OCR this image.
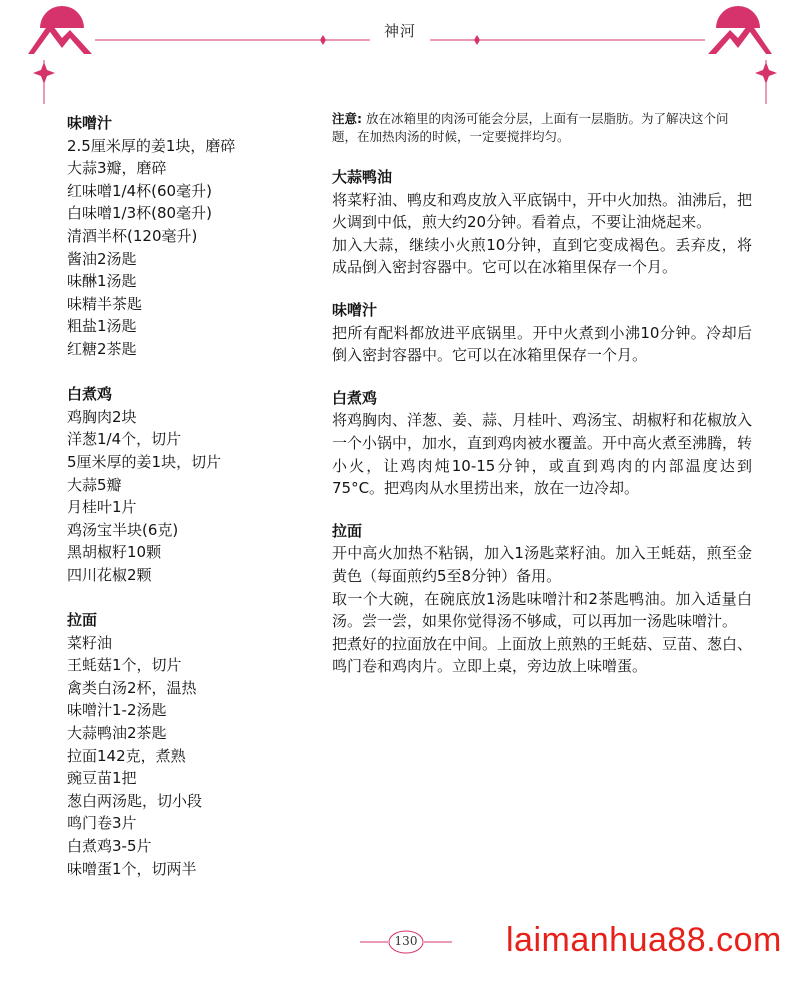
神河

味噌汁

2.5厘米厚的姜1块，磨碎

大蒜3瓣，磨碎

红味噌1/4杯(60毫升)

白味噌1/3杯(80毫升)

清酒半杯(120毫升)

酱油2汤匙

味醂1汤匙

味精半茶匙

粗盐1汤匙

红糖2茶匙

白煮鸡

鸡胸肉2块

洋葱1/4个，切片

5厘米厚的姜1块，切片

大蒜5瓣

月桂叶1片

鸡汤宝半块(6克)

黑胡椒籽10颗

四川花椒2颗

拉面

菜籽油

王蚝菇1个，切片

禽类白汤2杯，温热

味噌汁1-2汤匙

大蒜鸭油2茶匙

拉面142克，煮熟

豌豆苗1把

葱白两汤匙，切小段

鸣门卷3片

白煮鸡3-5片

味噌蛋1个，切两半

注意: 放在冰箱里的肉汤可能会分层，上面有一层脂肪。为了解决这个问题，在加热肉汤的时候，一定要搅拌均匀。

大蒜鸭油

将菜籽油、鸭皮和鸡皮放入平底锅中，开中火加热。油沸后，把火调到中低，煎大约20分钟。看着点，不要让油烧起来。

加入大蒜，继续小火煎10分钟，直到它变成褐色。丢弃皮，将成品倒入密封容器中。它可以在冰箱里保存一个月。

味噌汁

把所有配料都放进平底锅里。开中火煮到小沸10分钟。冷却后倒入密封容器中。它可以在冰箱里保存一个月。

白煮鸡

将鸡胸肉、洋葱、姜、蒜、月桂叶、鸡汤宝、胡椒籽和花椒放入一个小锅中，加水，直到鸡肉被水覆盖。开中高火煮至沸腾，转小火，让鸡肉炖10-15分钟，或直到鸡肉的内部温度达到75°C。把鸡肉从水里捞出来，放在一边冷却。

拉面

开中高火加热不粘锅，加入1汤匙菜籽油。加入王蚝菇，煎至金黄色（每面煎约5至8分钟）备用。

取一个大碗，在碗底放1汤匙味噌汁和2茶匙鸭油。加入适量白汤。尝一尝，如果你觉得汤不够咸，可以再加一汤匙味噌汁。

把煮好的拉面放在中间。上面放上煎熟的王蚝菇、豆苗、葱白、鸣门卷和鸡肉片。立即上桌，旁边放上味噌蛋。

130	laimanhua88.com
